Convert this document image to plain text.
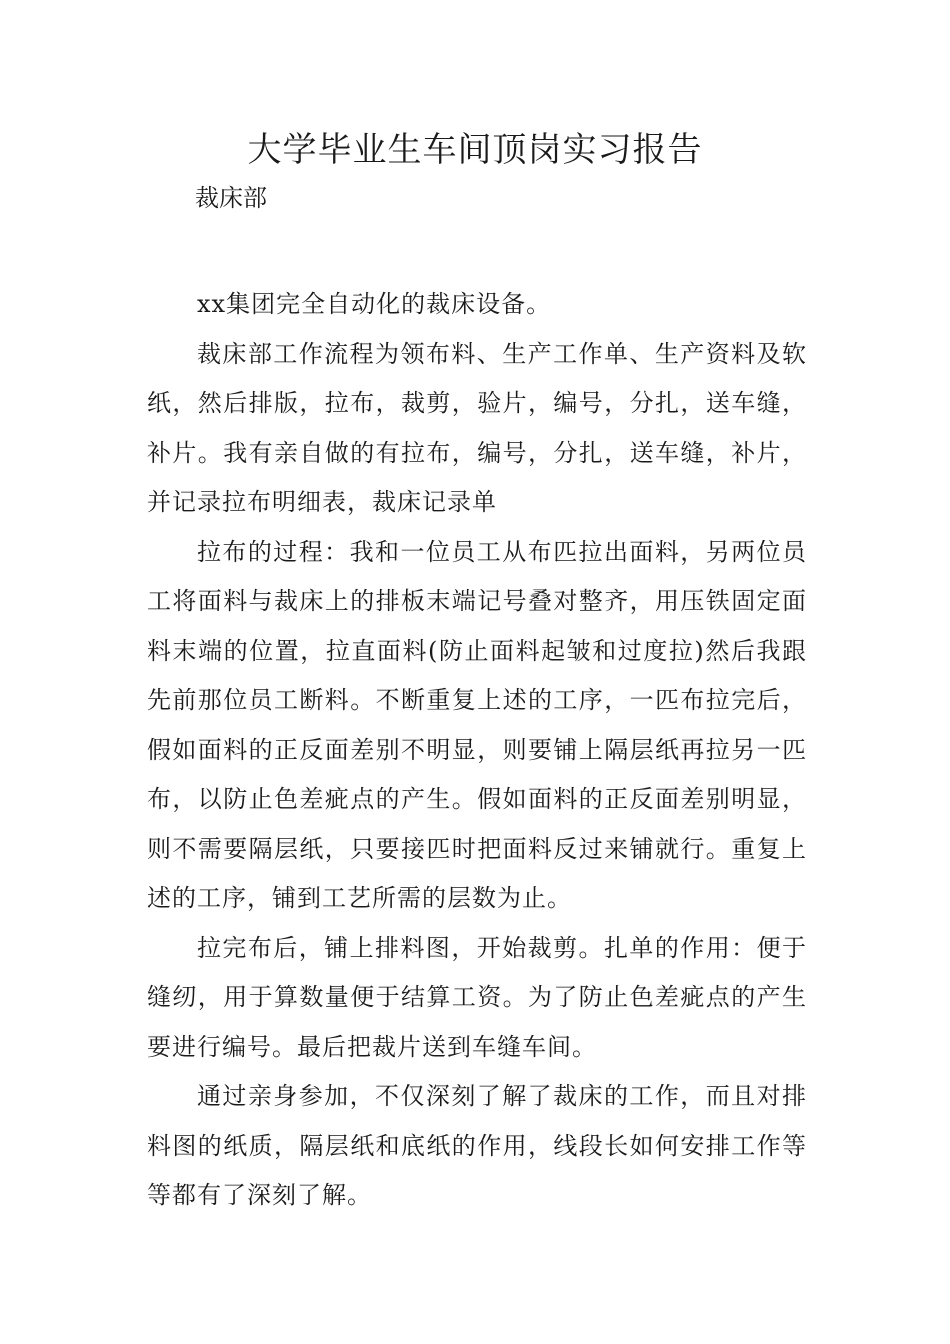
大学毕业生车间顶岗实习报告

裁床部

xx集团完全自动化的裁床设备。

裁床部工作流程为领布料、生产工作单、生产资料及软纸，然后排版，拉布，裁剪，验片，编号，分扎，送车缝，补片。我有亲自做的有拉布，编号，分扎，送车缝，补片，并记录拉布明细表，裁床记录单

拉布的过程：我和一位员工从布匹拉出面料，另两位员工将面料与裁床上的排板末端记号叠对整齐，用压铁固定面料末端的位置，拉直面料(防止面料起皱和过度拉)然后我跟先前那位员工断料。不断重复上述的工序，一匹布拉完后，假如面料的正反面差别不明显，则要铺上隔层纸再拉另一匹布，以防止色差疵点的产生。假如面料的正反面差别明显，则不需要隔层纸，只要接匹时把面料反过来铺就行。重复上述的工序，铺到工艺所需的层数为止。

拉完布后，铺上排料图，开始裁剪。扎单的作用：便于缝纫，用于算数量便于结算工资。为了防止色差疵点的产生要进行编号。最后把裁片送到车缝车间。

通过亲身参加，不仅深刻了解了裁床的工作，而且对排料图的纸质，隔层纸和底纸的作用，线段长如何安排工作等等都有了深刻了解。
